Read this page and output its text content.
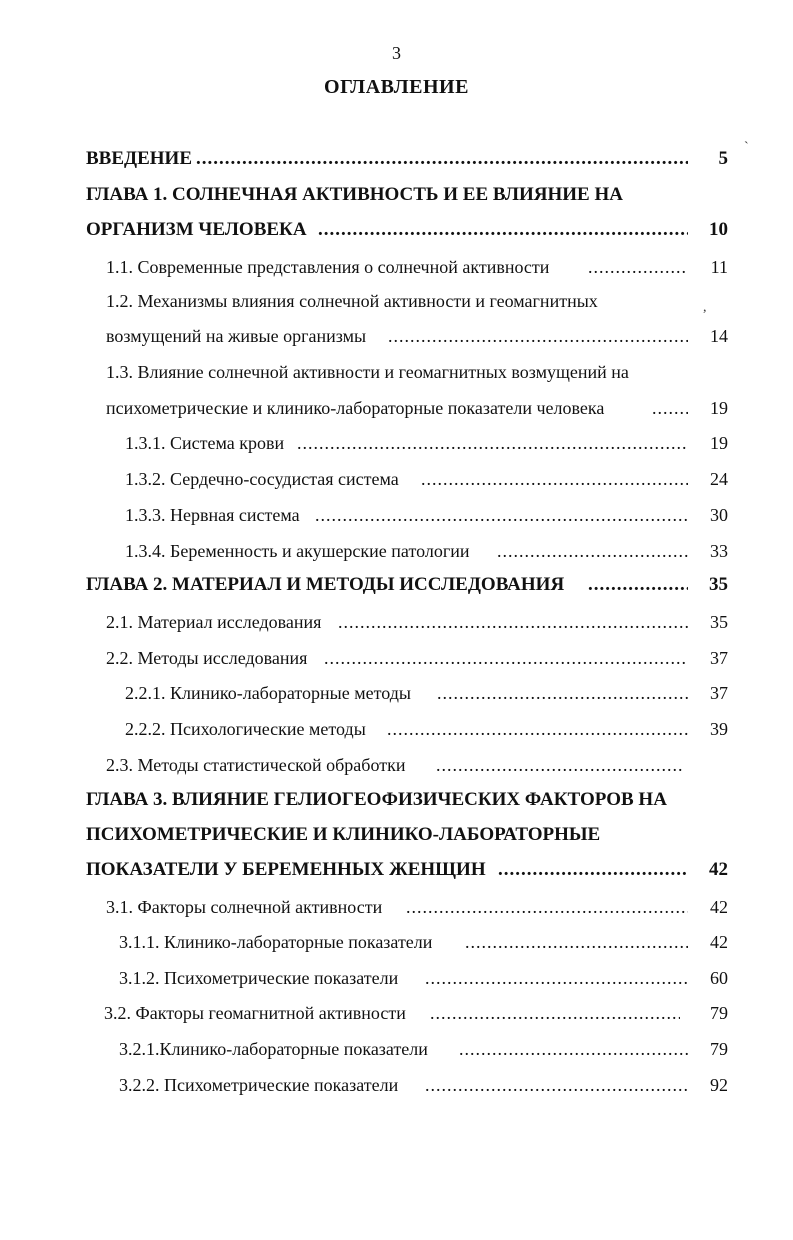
3
ОГЛАВЛЕНИЕ
ВВЕДЕНИЕ .....	5
ГЛАВА 1. СОЛНЕЧНАЯ АКТИВНОСТЬ И ЕЕ ВЛИЯНИЕ НА
ОРГАНИЗМ ЧЕЛОВЕКА .....	10
1.1. Современные представления о солнечной активности .....	11
1.2. Механизмы влияния солнечной активности и геомагнитных
возмущений на живые организмы .....	14
1.3. Влияние солнечной активности и геомагнитных возмущений на
психометрические и клинико-лабораторные показатели человека .....	19
1.3.1. Система крови .....	19
1.3.2. Сердечно-сосудистая система .....	24
1.3.3. Нервная система .....	30
1.3.4. Беременность и акушерские патологии .....	33
ГЛАВА 2. МАТЕРИАЛ И МЕТОДЫ ИССЛЕДОВАНИЯ .....	35
2.1. Материал исследования .....	35
2.2. Методы исследования .....	37
2.2.1. Клинико-лабораторные методы .....	37
2.2.2. Психологические методы .....	39
2.3. Методы статистической обработки
.....
ГЛАВА 3. ВЛИЯНИЕ ГЕЛИОГЕОФИЗИЧЕСКИХ ФАКТОРОВ НА
ПСИХОМЕТРИЧЕСКИЕ И КЛИНИКО-ЛАБОРАТОРНЫЕ
ПОКАЗАТЕЛИ У БЕРЕМЕННЫХ ЖЕНЩИН .....	42
3.1. Факторы солнечной активности .....	42
3.1.1. Клинико-лабораторные показатели .....	42
3.1.2. Психометрические показатели .....	60
3.2. Факторы геомагнитной активности .....	79
3.2.1.Клинико-лабораторные показатели .....	79
3.2.2. Психометрические показатели .....	92
`
,
